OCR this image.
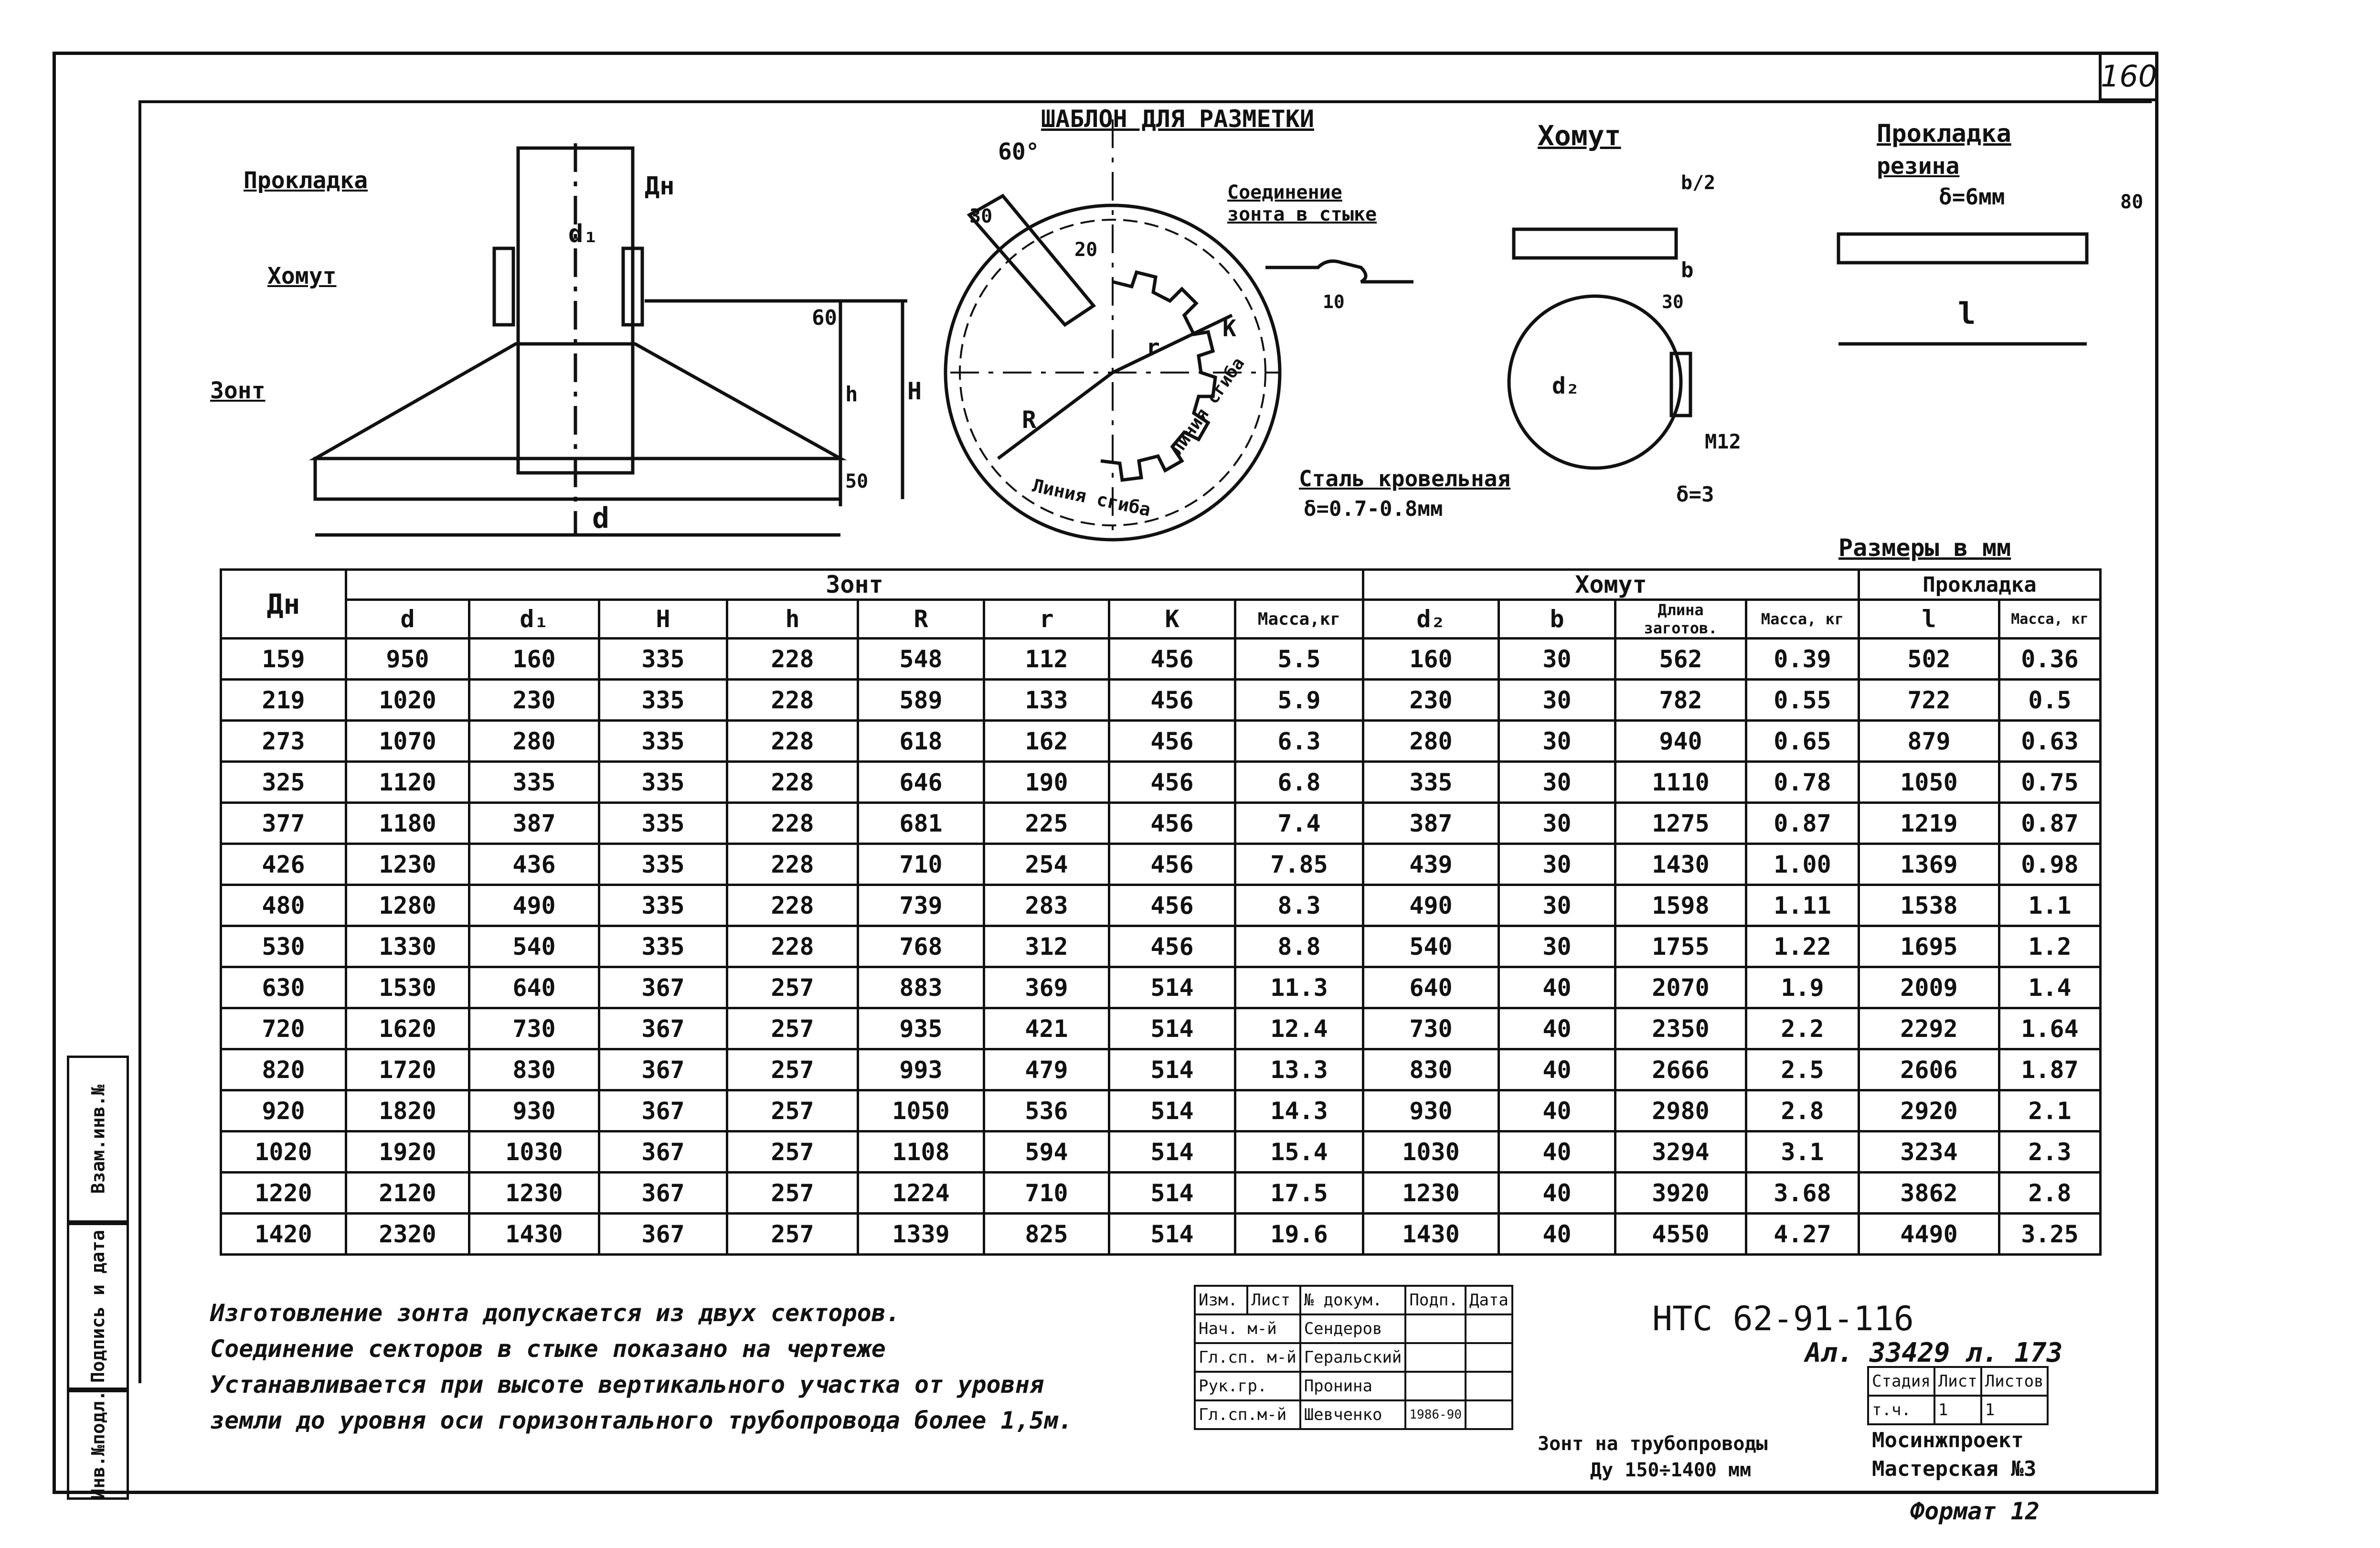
160
ШАБЛОН ДЛЯ РАЗМЕТКИ
Хомут	Прокладка
резина
δ=6мм
Прокладка
Хомут
Зонт
Соединение зонта в стыке
Сталь кровельная
δ=0.7-0.8мм
Линия сгиба
Линия сгиба
Дн
d₁
d
h H
60
50
60°
30
20
r
R
K
10
b/2
b
30
d₂
M12
δ=3
l
80
Размеры в мм
Дн	Зонт								Хомут				Прокладка	
	d	d₁	H	h	R	r	K	Масса,кг	d₂	b	Длина заготов.	Масса, кг	l	Масса, кг
159	950	160	335	228	548	112	456	5.5	160	30	562	0.39	502	0.36
219	1020	230	335	228	589	133	456	5.9	230	30	782	0.55	722	0.5
273	1070	280	335	228	618	162	456	6.3	280	30	940	0.65	879	0.63
325	1120	335	335	228	646	190	456	6.8	335	30	1110	0.78	1050	0.75
377	1180	387	335	228	681	225	456	7.4	387	30	1275	0.87	1219	0.87
426	1230	436	335	228	710	254	456	7.85	439	30	1430	1.00	1369	0.98
480	1280	490	335	228	739	283	456	8.3	490	30	1598	1.11	1538	1.1
530	1330	540	335	228	768	312	456	8.8	540	30	1755	1.22	1695	1.2
630	1530	640	367	257	883	369	514	11.3	640	40	2070	1.9	2009	1.4
720	1620	730	367	257	935	421	514	12.4	730	40	2350	2.2	2292	1.64
820	1720	830	367	257	993	479	514	13.3	830	40	2666	2.5	2606	1.87
920	1820	930	367	257	1050	536	514	14.3	930	40	2980	2.8	2920	2.1
1020	1920	1030	367	257	1108	594	514	15.4	1030	40	3294	3.1	3234	2.3
1220	2120	1230	367	257	1224	710	514	17.5	1230	40	3920	3.68	3862	2.8
1420	2320	1430	367	257	1339	825	514	19.6	1430	40	4550	4.27	4490	3.25
Изготовление зонта допускается из двух секторов.
Соединение секторов в стыке показано на чертеже
Устанавливается при высоте вертикального участка от уровня
земли до уровня оси горизонтального трубопровода более 1,5м.
Взам.инв.№
Подпись и дата
Инв.№подл.
Изм.	Лист	№ докум.	Подп.	Дата
Нач. м-й		Сендеров		
Гл.сп. м-й		Геральский		
Рук.гр.		Пронина		
Гл.сп.м-й		Шевченко	1986-90	
НТС 62-91-116
Ал. 33429 л. 173
Стадия	Лист	Листов
т.ч.	1	1
Зонт на трубопроводы
Ду 150÷1400 мм
Мосинжпроект
Мастерская №3
Формат 12
